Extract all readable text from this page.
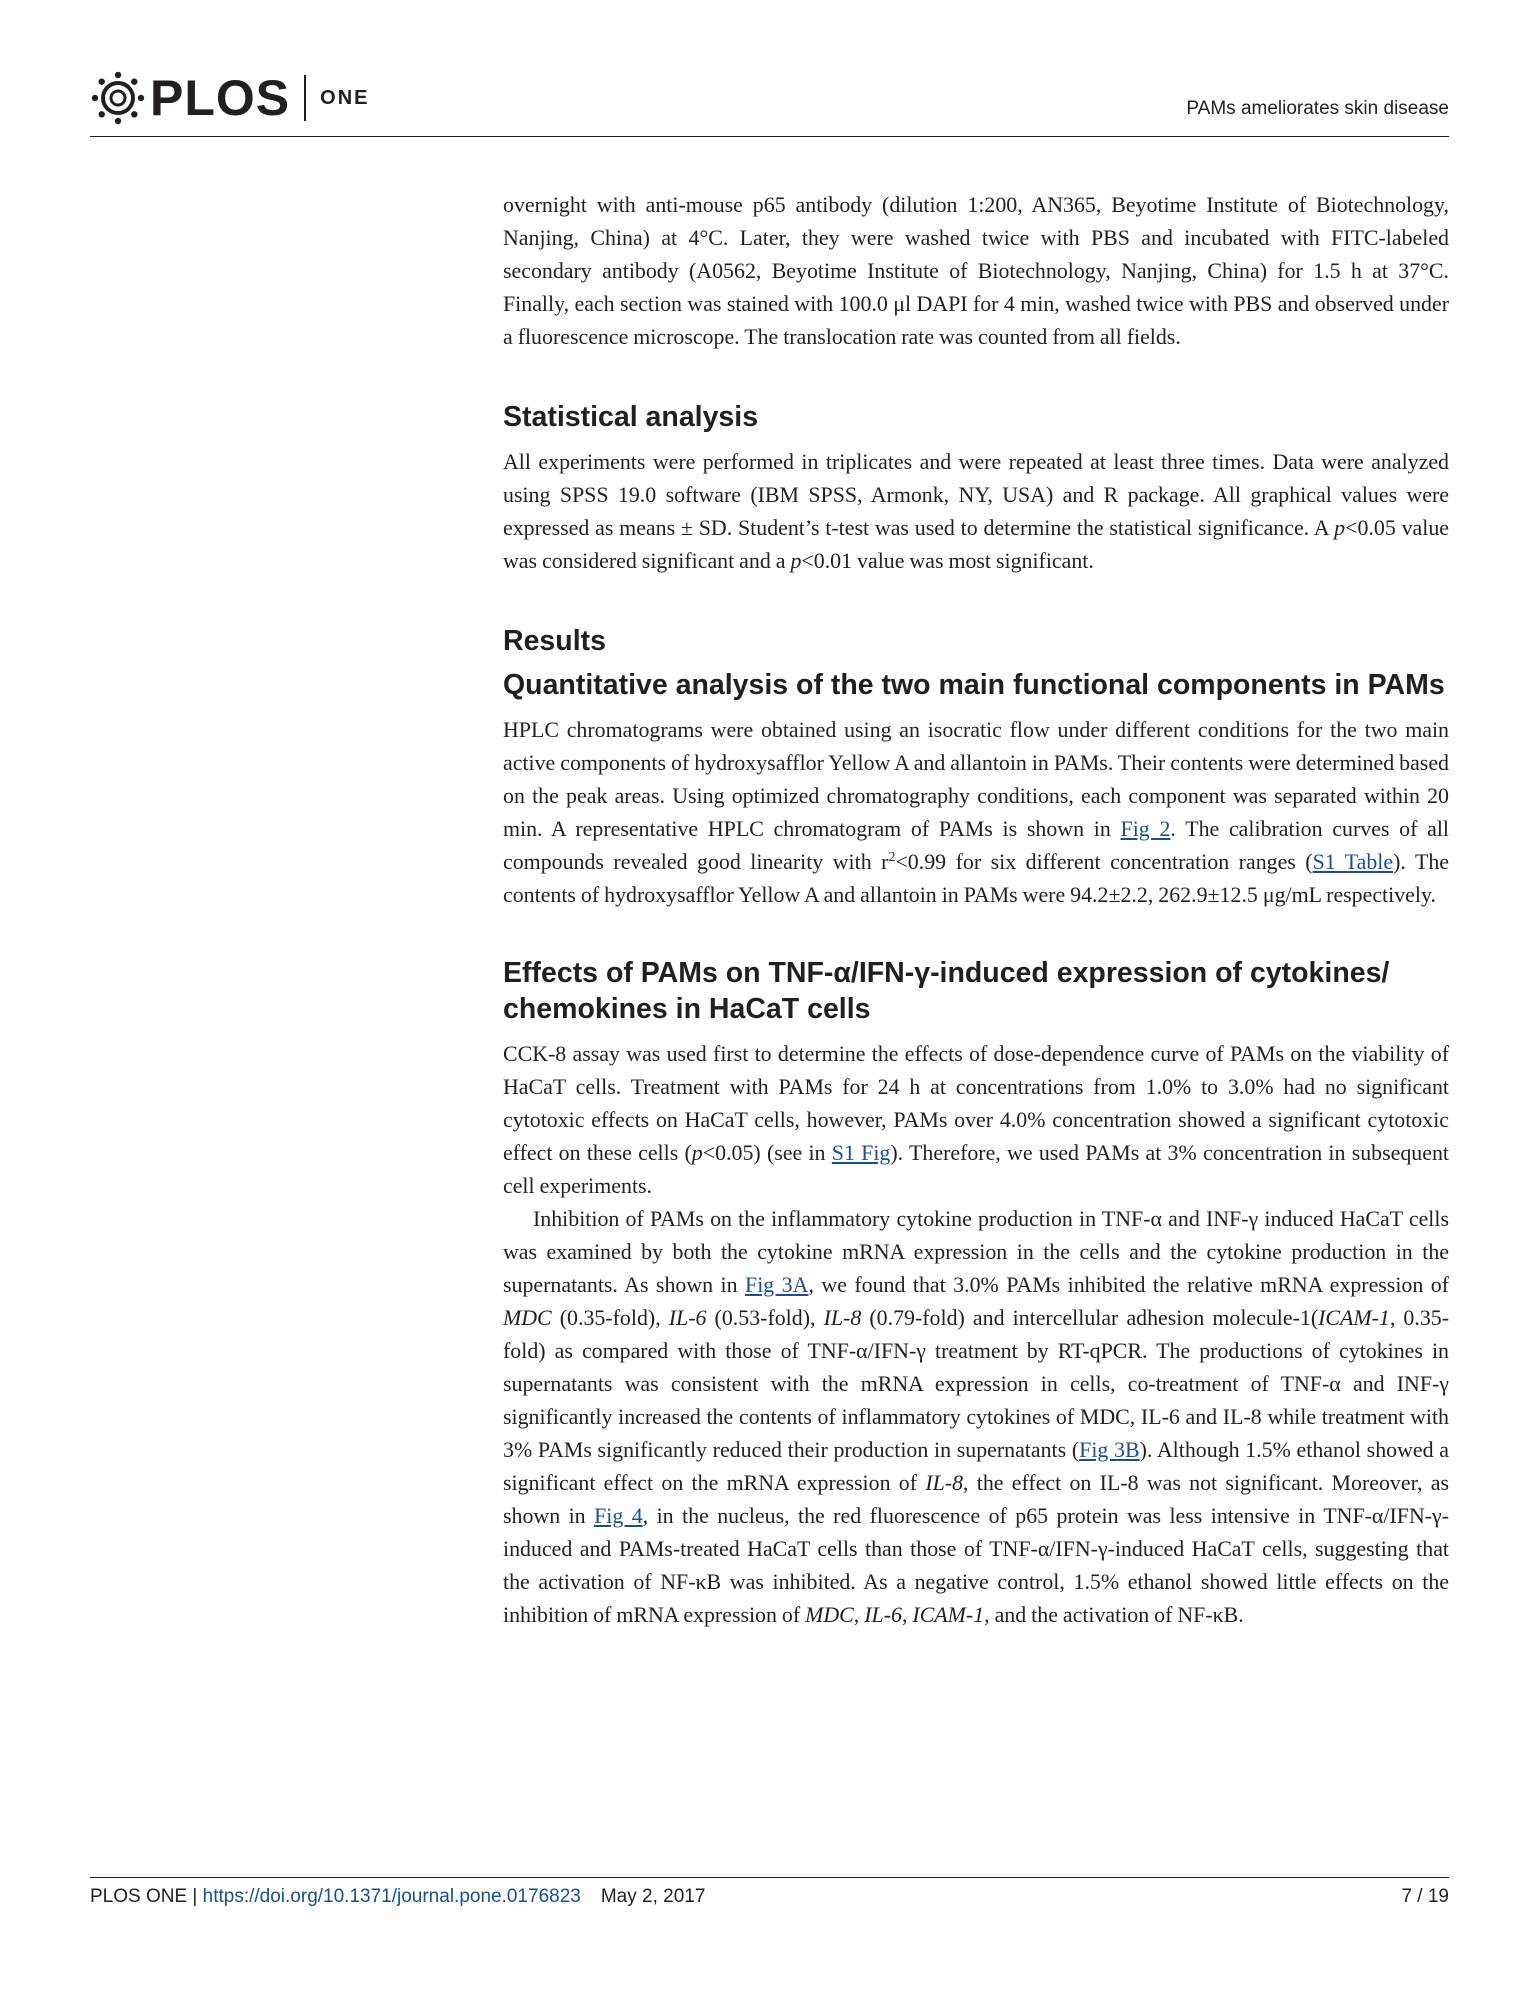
PLOS ONE	PAMs ameliorates skin disease

overnight with anti-mouse p65 antibody (dilution 1:200, AN365, Beyotime Institute of Biotechnology, Nanjing, China) at 4°C. Later, they were washed twice with PBS and incubated with FITC-labeled secondary antibody (A0562, Beyotime Institute of Biotechnology, Nanjing, China) for 1.5 h at 37°C. Finally, each section was stained with 100.0 μl DAPI for 4 min, washed twice with PBS and observed under a fluorescence microscope. The translocation rate was counted from all fields.

Statistical analysis

All experiments were performed in triplicates and were repeated at least three times. Data were analyzed using SPSS 19.0 software (IBM SPSS, Armonk, NY, USA) and R package. All graphical values were expressed as means ± SD. Student’s t-test was used to determine the statistical significance. A p<0.05 value was considered significant and a p<0.01 value was most significant.

Results
Quantitative analysis of the two main functional components in PAMs

HPLC chromatograms were obtained using an isocratic flow under different conditions for the two main active components of hydroxysafflor Yellow A and allantoin in PAMs. Their contents were determined based on the peak areas. Using optimized chromatography conditions, each component was separated within 20 min. A representative HPLC chromatogram of PAMs is shown in Fig 2. The calibration curves of all compounds revealed good linearity with $r^2<0.99$ for six different concentration ranges (S1 Table). The contents of hydroxysafflor Yellow A and allantoin in PAMs were 94.2±2.2, 262.9±12.5 μg/mL respectively.

Effects of PAMs on TNF-α/IFN-γ-induced expression of cytokines/
chemokines in HaCaT cells

CCK-8 assay was used first to determine the effects of dose-dependence curve of PAMs on the viability of HaCaT cells. Treatment with PAMs for 24 h at concentrations from 1.0% to 3.0% had no significant cytotoxic effects on HaCaT cells, however, PAMs over 4.0% concentration showed a significant cytotoxic effect on these cells (p<0.05) (see in S1 Fig). Therefore, we used PAMs at 3% concentration in subsequent cell experiments.

Inhibition of PAMs on the inflammatory cytokine production in TNF-α and INF-γ induced HaCaT cells was examined by both the cytokine mRNA expression in the cells and the cytokine production in the supernatants. As shown in Fig 3A, we found that 3.0% PAMs inhibited the relative mRNA expression of MDC (0.35-fold), IL-6 (0.53-fold), IL-8 (0.79-fold) and intercellular adhesion molecule-1(ICAM-1, 0.35-fold) as compared with those of TNF-α/IFN-γ treatment by RT-qPCR. The productions of cytokines in supernatants was consistent with the mRNA expression in cells, co-treatment of TNF-α and INF-γ significantly increased the contents of inflammatory cytokines of MDC, IL-6 and IL-8 while treatment with 3% PAMs significantly reduced their production in supernatants (Fig 3B). Although 1.5% ethanol showed a significant effect on the mRNA expression of IL-8, the effect on IL-8 was not significant. Moreover, as shown in Fig 4, in the nucleus, the red fluorescence of p65 protein was less intensive in TNF-α/IFN-γ-induced and PAMs-treated HaCaT cells than those of TNF-α/IFN-γ-induced HaCaT cells, suggesting that the activation of NF-κB was inhibited. As a negative control, 1.5% ethanol showed little effects on the inhibition of mRNA expression of MDC, IL-6, ICAM-1, and the activation of NF-κB.

PLOS ONE | https://doi.org/10.1371/journal.pone.0176823 May 2, 2017	7 / 19
